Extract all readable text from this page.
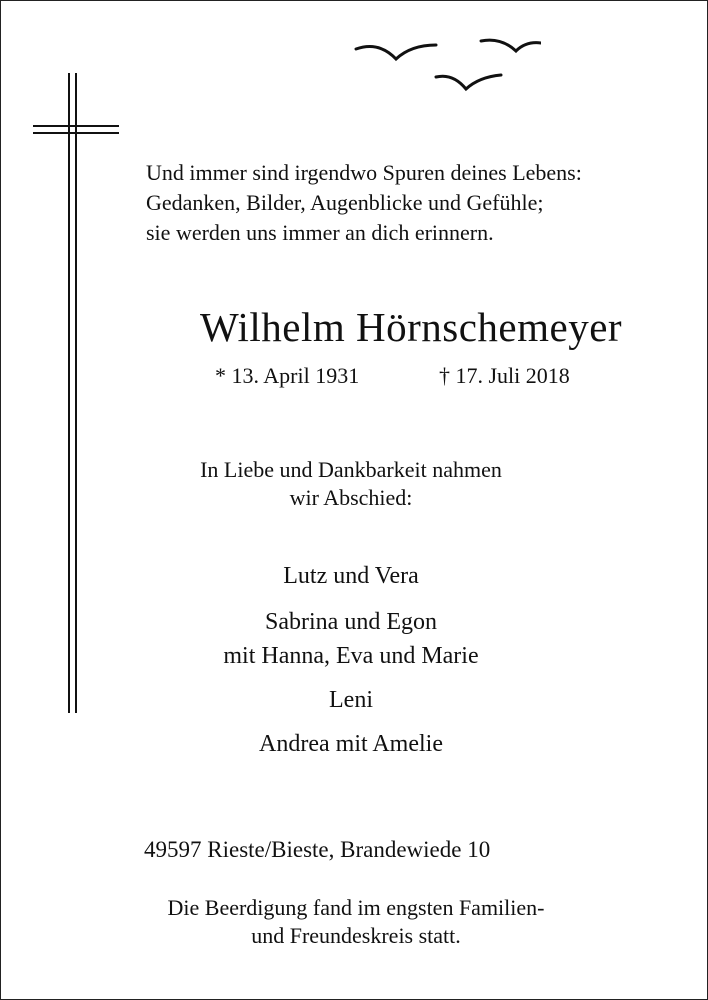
Und immer sind irgendwo Spuren deines Lebens:
Gedanken, Bilder, Augenblicke und Gefühle;
sie werden uns immer an dich erinnern.
Wilhelm Hörnschemeyer
* 13. April 1931	† 17. Juli 2018
In Liebe und Dankbarkeit nahmen
wir Abschied:
Lutz und Vera
Sabrina und Egon
mit Hanna, Eva und Marie
Leni
Andrea mit Amelie
49597 Rieste/Bieste, Brandewiede 10
Die Beerdigung fand im engsten Familien-
und Freundeskreis statt.
